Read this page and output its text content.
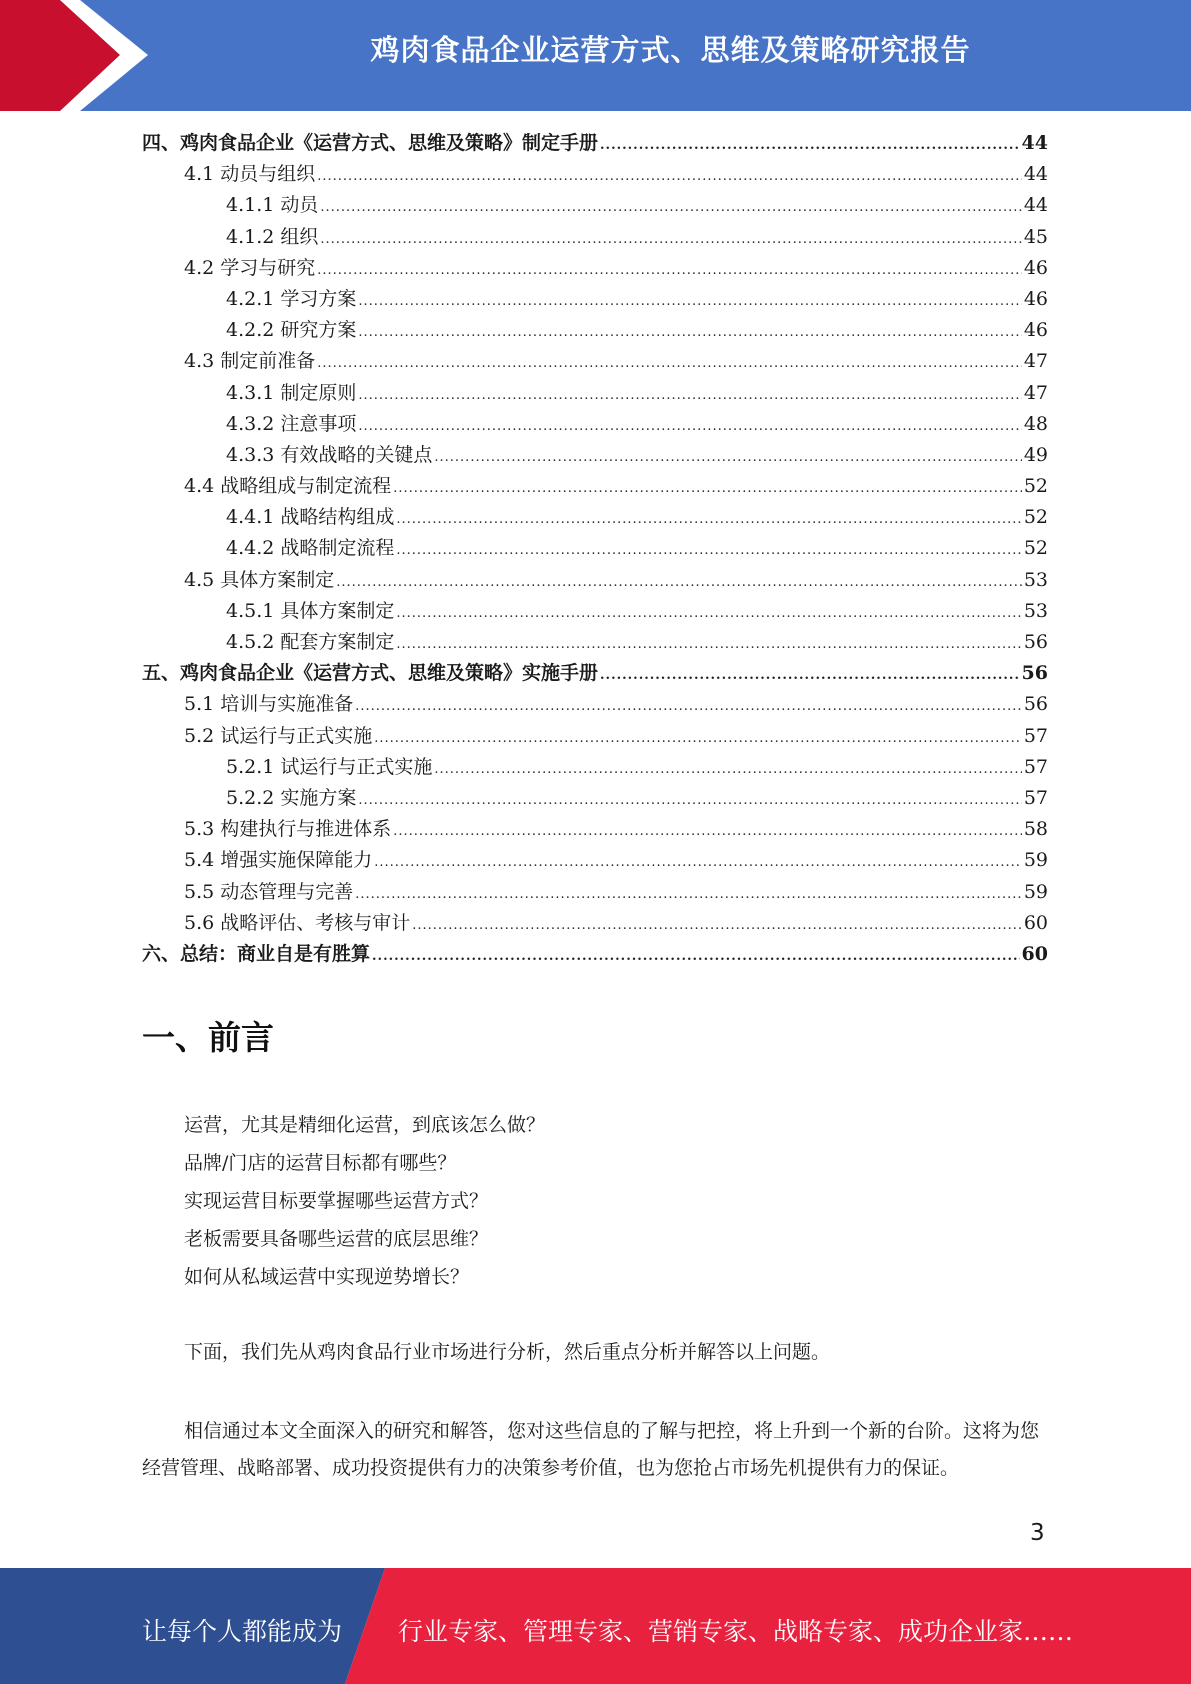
鸡肉食品企业运营方式、思维及策略研究报告
四、鸡肉食品企业《运营方式、思维及策略》制定手册 .....	44
4.1 动员与组织 .....	44
4.1.1 动员 .....	44
4.1.2 组织 .....	45
4.2 学习与研究 .....	46
4.2.1 学习方案 .....	46
4.2.2 研究方案 .....	46
4.3 制定前准备 .....	47
4.3.1 制定原则 .....	47
4.3.2 注意事项 .....	48
4.3.3 有效战略的关键点 .....	49
4.4 战略组成与制定流程 .....	52
4.4.1 战略结构组成 .....	52
4.4.2 战略制定流程 .....	52
4.5 具体方案制定 .....	53
4.5.1 具体方案制定 .....	53
4.5.2 配套方案制定 .....	56
五、鸡肉食品企业《运营方式、思维及策略》实施手册 .....	56
5.1 培训与实施准备 .....	56
5.2 试运行与正式实施 .....	57
5.2.1 试运行与正式实施 .....	57
5.2.2 实施方案 .....	57
5.3 构建执行与推进体系 .....	58
5.4 增强实施保障能力 .....	59
5.5 动态管理与完善 .....	59
5.6 战略评估、考核与审计 .....	60
六、总结：商业自是有胜算 .....	60
一、前言
运营，尤其是精细化运营，到底该怎么做？
品牌/门店的运营目标都有哪些？
实现运营目标要掌握哪些运营方式？
老板需要具备哪些运营的底层思维？
如何从私域运营中实现逆势增长？
下面，我们先从鸡肉食品行业市场进行分析，然后重点分析并解答以上问题。
相信通过本文全面深入的研究和解答，您对这些信息的了解与把控，将上升到一个新的台阶。这将为您经营管理、战略部署、成功投资提供有力的决策参考价值，也为您抢占市场先机提供有力的保证。
3
让每个人都能成为 行业专家、管理专家、营销专家、战略专家、成功企业家……
